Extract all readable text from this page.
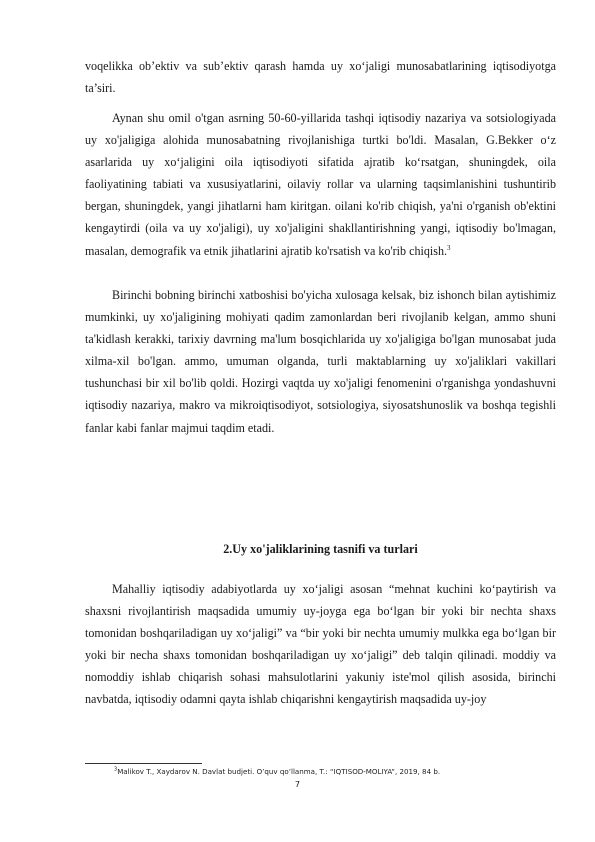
voqelikka ob’ektiv va sub’ektiv qarash hamda uy xo‘jaligi munosabatlarining iqtisodiyotga ta’siri.

Aynan shu omil o'tgan asrning 50-60-yillarida tashqi iqtisodiy nazariya va sotsiologiyada uy xo'jaligiga alohida munosabatning rivojlanishiga turtki bo'ldi. Masalan, G.Bekker o‘z asarlarida uy xo‘jaligini oila iqtisodiyoti sifatida ajratib ko‘rsatgan, shuningdek, oila faoliyatining tabiati va xususiyatlarini, oilaviy rollar va ularning taqsimlanishini tushuntirib bergan, shuningdek, yangi jihatlarni ham kiritgan. oilani ko'rib chiqish, ya'ni o'rganish ob'ektini kengaytirdi (oila va uy xo'jaligi), uy xo'jaligini shakllantirishning yangi, iqtisodiy bo'lmagan, masalan, demografik va etnik jihatlarini ajratib ko'rsatish va ko'rib chiqish.$^3$

Birinchi bobning birinchi xatboshisi bo'yicha xulosaga kelsak, biz ishonch bilan aytishimiz mumkinki, uy xo'jaligining mohiyati qadim zamonlardan beri rivojlanib kelgan, ammo shuni ta'kidlash kerakki, tarixiy davrning ma'lum bosqichlarida uy xo'jaligiga bo'lgan munosabat juda xilma-xil bo'lgan. ammo, umuman olganda, turli maktablarning uy xo'jaliklari vakillari tushunchasi bir xil bo'lib qoldi. Hozirgi vaqtda uy xo'jaligi fenomenini o'rganishga yondashuvni iqtisodiy nazariya, makro va mikroiqtisodiyot, sotsiologiya, siyosatshunoslik va boshqa tegishli fanlar kabi fanlar majmui taqdim etadi.

2.Uy xo'jaliklarining tasnifi va turlari

Mahalliy iqtisodiy adabiyotlarda uy xo‘jaligi asosan “mehnat kuchini ko‘paytirish va shaxsni rivojlantirish maqsadida umumiy uy-joyga ega bo‘lgan bir yoki bir nechta shaxs tomonidan boshqariladigan uy xo‘jaligi” va “bir yoki bir nechta umumiy mulkka ega bo‘lgan bir yoki bir necha shaxs tomonidan boshqariladigan uy xo‘jaligi” deb talqin qilinadi. moddiy va nomoddiy ishlab chiqarish sohasi mahsulotlarini yakuniy iste'mol qilish asosida, birinchi navbatda, iqtisodiy odamni qayta ishlab chiqarishni kengaytirish maqsadida uy-joy

$^3$Malikov T., Xaydarov N. Davlat budjeti. O’quv qo’llanma, T.: “IQTISOD-MOLIYA”, 2019, 84 b.
7
